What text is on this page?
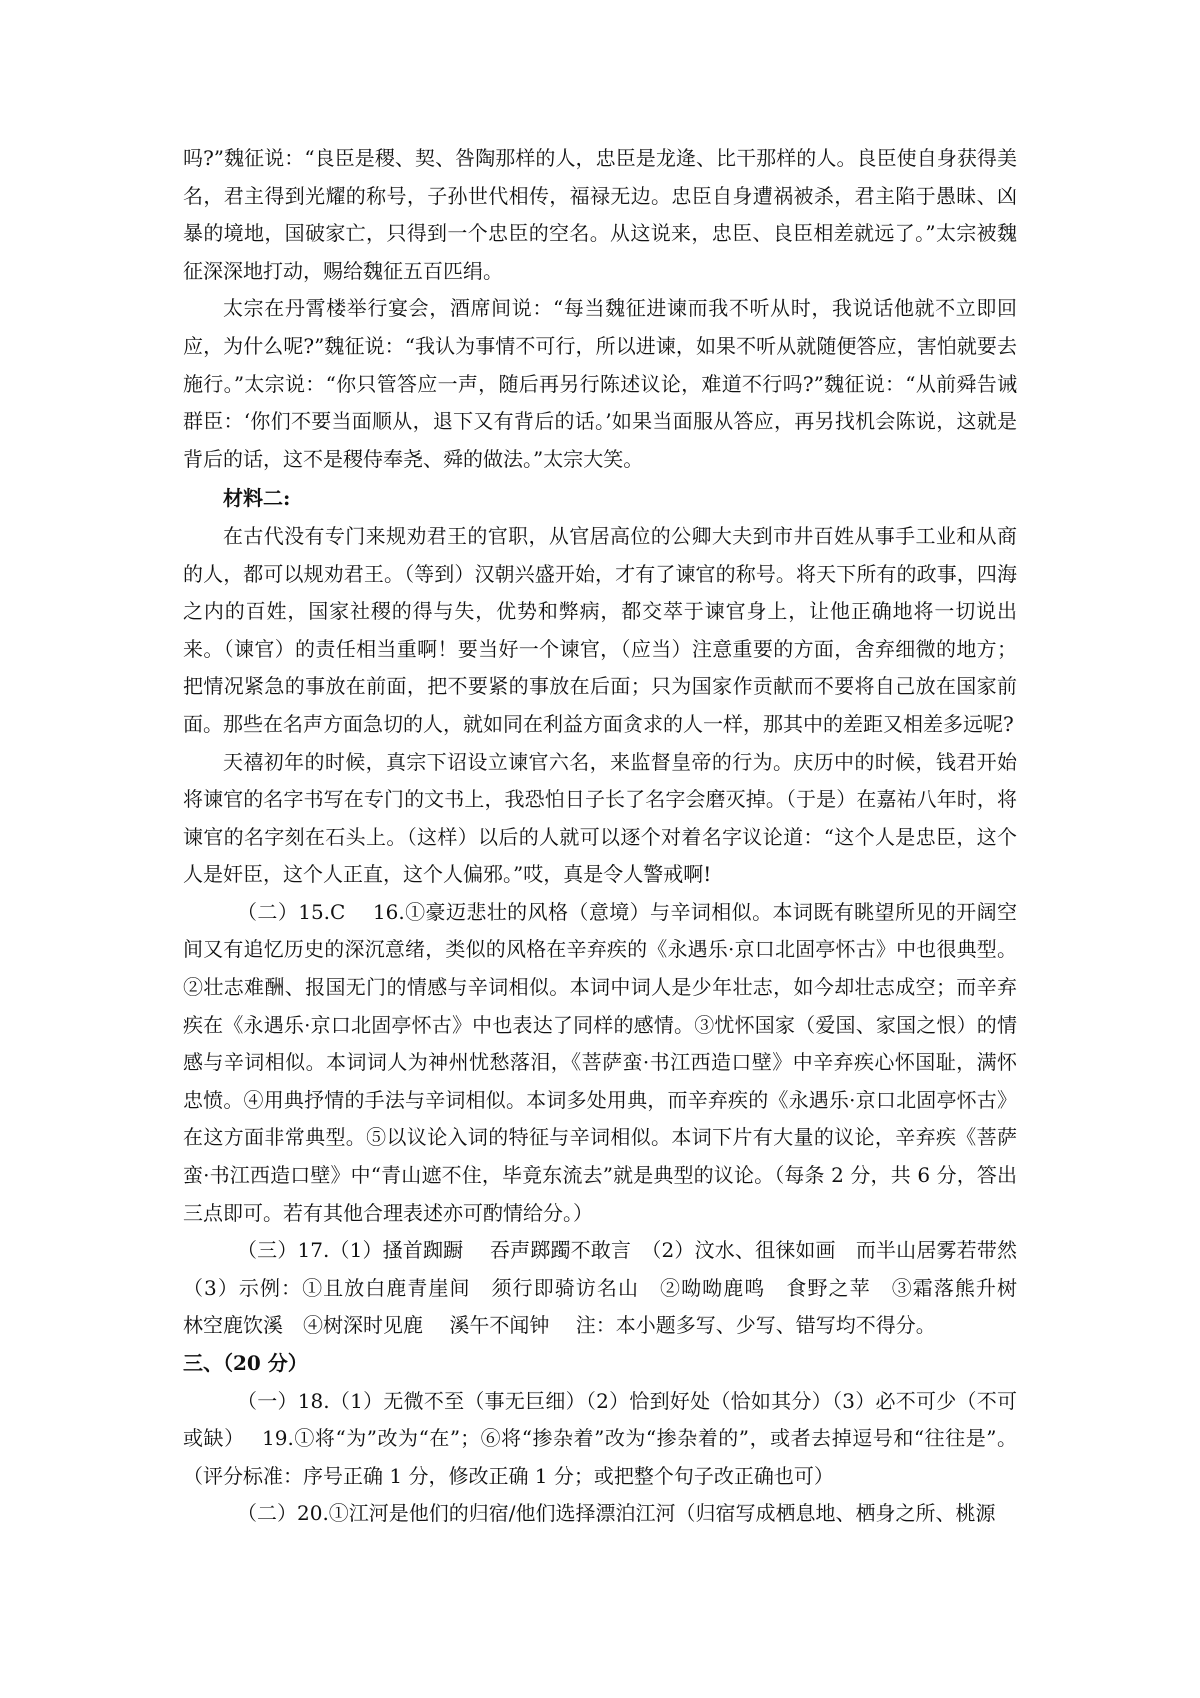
吗?”魏征说：“良臣是稷、契、咎陶那样的人，忠臣是龙逄、比干那样的人。良臣使自身获得美名，君主得到光耀的称号，子孙世代相传，福禄无边。忠臣自身遭祸被杀，君主陷于愚昧、凶暴的境地，国破家亡，只得到一个忠臣的空名。从这说来，忠臣、良臣相差就远了。”太宗被魏征深深地打动，赐给魏征五百匹绢。

太宗在丹霄楼举行宴会，酒席间说：“每当魏征进谏而我不听从时，我说话他就不立即回应，为什么呢?”魏征说：“我认为事情不可行，所以进谏，如果不听从就随便答应，害怕就要去施行。”太宗说：“你只管答应一声，随后再另行陈述议论，难道不行吗?”魏征说：“从前舜告诫群臣：‘你们不要当面顺从，退下又有背后的话。’如果当面服从答应，再另找机会陈说，这就是背后的话，这不是稷侍奉尧、舜的做法。”太宗大笑。

材料二:

在古代没有专门来规劝君王的官职，从官居高位的公卿大夫到市井百姓从事手工业和从商的人，都可以规劝君王。（等到）汉朝兴盛开始，才有了谏官的称号。将天下所有的政事，四海之内的百姓，国家社稷的得与失，优势和弊病，都交萃于谏官身上，让他正确地将一切说出来。（谏官）的责任相当重啊！要当好一个谏官，（应当）注意重要的方面，舍弃细微的地方；把情况紧急的事放在前面，把不要紧的事放在后面；只为国家作贡献而不要将自己放在国家前面。那些在名声方面急切的人，就如同在利益方面贪求的人一样，那其中的差距又相差多远呢?

天禧初年的时候，真宗下诏设立谏官六名，来监督皇帝的行为。庆历中的时候，钱君开始将谏官的名字书写在专门的文书上，我恐怕日子长了名字会磨灭掉。（于是）在嘉祐八年时，将谏官的名字刻在石头上。（这样）以后的人就可以逐个对着名字议论道：“这个人是忠臣，这个人是奸臣，这个人正直，这个人偏邪。”哎，真是令人警戒啊!

（二）15.C　 16.①豪迈悲壮的风格（意境）与辛词相似。本词既有眺望所见的开阔空间又有追忆历史的深沉意绪，类似的风格在辛弃疾的《永遇乐·京口北固亭怀古》中也很典型。②壮志难酬、报国无门的情感与辛词相似。本词中词人是少年壮志，如今却壮志成空；而辛弃疾在《永遇乐·京口北固亭怀古》中也表达了同样的感情。③忧怀国家（爱国、家国之恨）的情感与辛词相似。本词词人为神州忧愁落泪，《菩萨蛮·书江西造口壁》中辛弃疾心怀国耻，满怀忠愤。④用典抒情的手法与辛词相似。本词多处用典，而辛弃疾的《永遇乐·京口北固亭怀古》在这方面非常典型。⑤以议论入词的特征与辛词相似。本词下片有大量的议论，辛弃疾《菩萨蛮·书江西造口壁》中“青山遮不住，毕竟东流去”就是典型的议论。（每条 2 分，共 6 分，答出三点即可。若有其他合理表述亦可酌情给分。）

（三）17.（1）搔首踟蹰　 吞声踯躅不敢言　（2）汶水、徂徕如画　而半山居雾若带然　（3）示例：①且放白鹿青崖间　须行即骑访名山　②呦呦鹿鸣　食野之苹　③霜落熊升树　 林空鹿饮溪　④树深时见鹿　 溪午不闻钟　 注：本小题多写、少写、错写均不得分。

三、（20 分）

（一）18.（1）无微不至（事无巨细）（2）恰到好处（恰如其分）（3）必不可少（不可或缺）　 19.①将“为”改为“在”；⑥将“掺杂着”改为“掺杂着的”，或者去掉逗号和“往往是”。（评分标准：序号正确 1 分，修改正确 1 分；或把整个句子改正确也可）

（二）20.①江河是他们的归宿/他们选择漂泊江河（归宿写成栖息地、栖身之所、桃源
